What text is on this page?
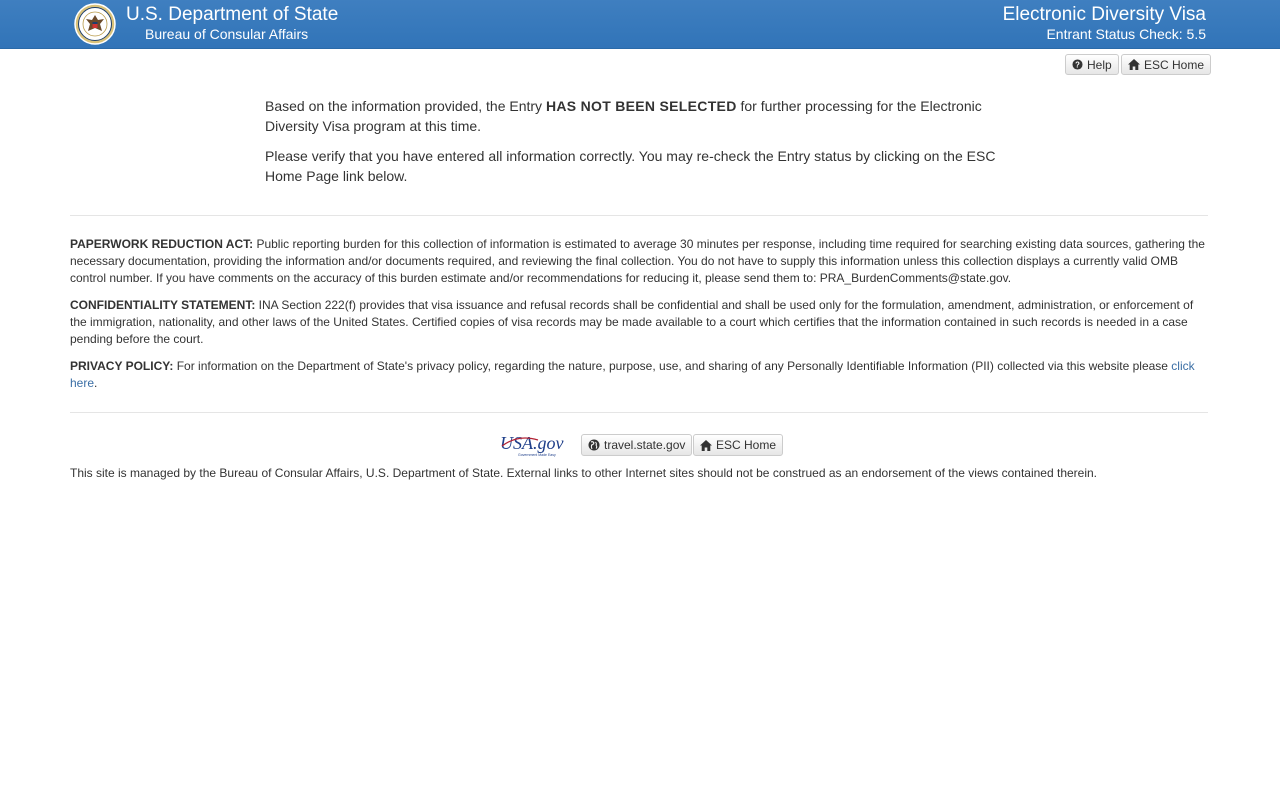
U.S. Department of State
Bureau of Consular Affairs
Electronic Diversity Visa
Entrant Status Check: 5.5
? Help	ESC Home

Based on the information provided, the Entry HAS NOT BEEN SELECTED for further processing for the Electronic Diversity Visa program at this time.

Please verify that you have entered all information correctly. You may re-check the Entry status by clicking on the ESC Home Page link below.

PAPERWORK REDUCTION ACT: Public reporting burden for this collection of information is estimated to average 30 minutes per response, including time required for searching existing data sources, gathering the necessary documentation, providing the information and/or documents required, and reviewing the final collection. You do not have to supply this information unless this collection displays a currently valid OMB control number. If you have comments on the accuracy of this burden estimate and/or recommendations for reducing it, please send them to: PRA_BurdenComments@state.gov.
CONFIDENTIALITY STATEMENT: INA Section 222(f) provides that visa issuance and refusal records shall be confidential and shall be used only for the formulation, amendment, administration, or enforcement of the immigration, nationality, and other laws of the United States. Certified copies of visa records may be made available to a court which certifies that the information contained in such records is needed in a case pending before the court.
PRIVACY POLICY: For information on the Department of State's privacy policy, regarding the nature, purpose, use, and sharing of any Personally Identifiable Information (PII) collected via this website please click here.
USA.gov
Government Made Easy
travel.state.gov	ESC Home
This site is managed by the Bureau of Consular Affairs, U.S. Department of State. External links to other Internet sites should not be construed as an endorsement of the views contained therein.
